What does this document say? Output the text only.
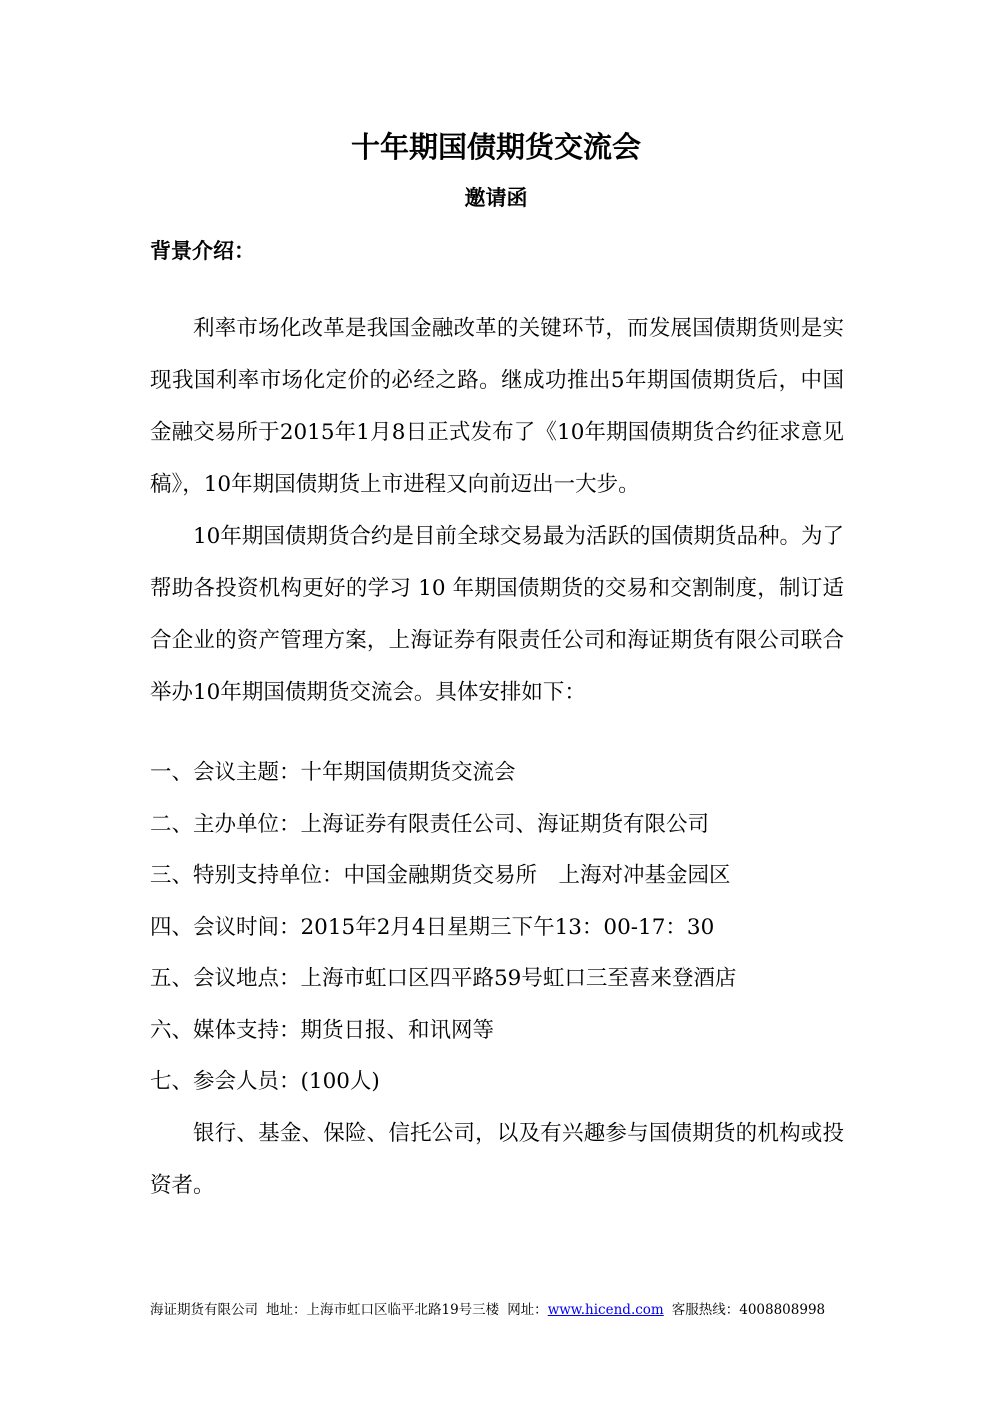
十年期国债期货交流会
邀请函
背景介绍：

利率市场化改革是我国金融改革的关键环节，而发展国债期货则是实现我国利率市场化定价的必经之路。继成功推出5年期国债期货后，中国金融交易所于2015年1月8日正式发布了《10年期国债期货合约征求意见稿》，10年期国债期货上市进程又向前迈出一大步。

10年期国债期货合约是目前全球交易最为活跃的国债期货品种。为了帮助各投资机构更好的学习 10 年期国债期货的交易和交割制度，制订适合企业的资产管理方案，上海证券有限责任公司和海证期货有限公司联合举办10年期国债期货交流会。具体安排如下：

一、会议主题：十年期国债期货交流会
二、主办单位：上海证券有限责任公司、海证期货有限公司
三、特别支持单位：中国金融期货交易所　上海对冲基金园区
四、会议时间：2015年2月4日星期三下午13：00-17：30
五、会议地点：上海市虹口区四平路59号虹口三至喜来登酒店
六、媒体支持：期货日报、和讯网等
七、参会人员：(100人)

银行、基金、保险、信托公司，以及有兴趣参与国债期货的机构或投资者。

海证期货有限公司 地址：上海市虹口区临平北路19号三楼 网址：www.hicend.com 客服热线：4008808998
